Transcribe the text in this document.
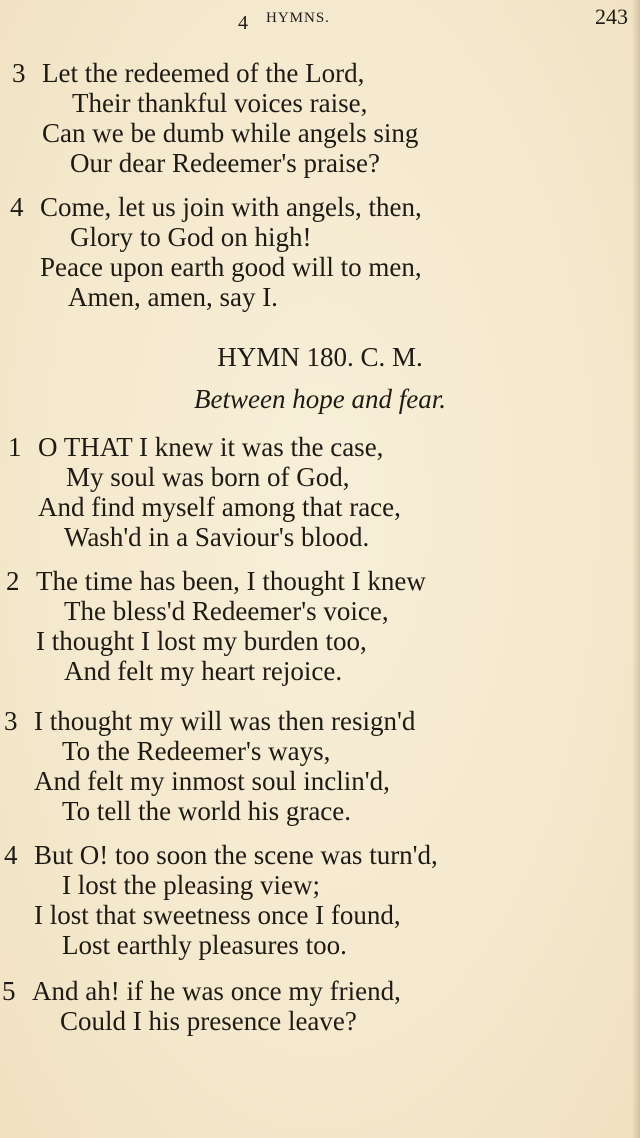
4 HYMNS.	243
3 Let the redeemed of the Lord,
Their thankful voices raise,
Can we be dumb while angels sing
Our dear Redeemer's praise?
4 Come, let us join with angels, then,
Glory to God on high!
Peace upon earth good will to men,
Amen, amen, say I.
HYMN 180. C. M.
Between hope and fear.
1 O THAT I knew it was the case,
My soul was born of God,
And find myself among that race,
Wash'd in a Saviour's blood.
2 The time has been, I thought I knew
The bless'd Redeemer's voice,
I thought I lost my burden too,
And felt my heart rejoice.
3 I thought my will was then resign'd
To the Redeemer's ways,
And felt my inmost soul inclin'd,
To tell the world his grace.
4 But O! too soon the scene was turn'd,
I lost the pleasing view;
I lost that sweetness once I found,
Lost earthly pleasures too.
5 And ah! if he was once my friend,
Could I his presence leave?
